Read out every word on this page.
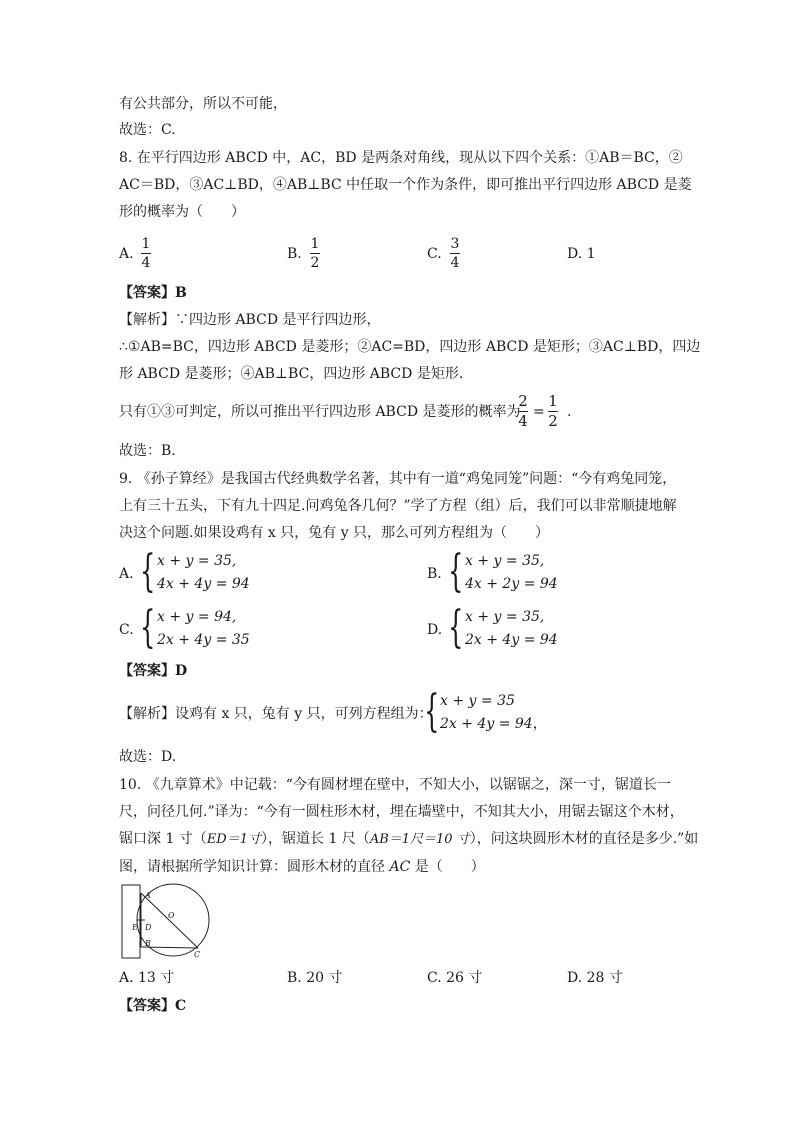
有公共部分，所以不可能，
故选：C.
8. 在平行四边形 ABCD 中，AC，BD 是两条对角线，现从以下四个关系：①AB＝BC，②
AC＝BD，③AC⊥BD，④AB⊥BC 中任取一个作为条件，即可推出平行四边形 ABCD 是菱
形的概率为（　　）
A.
1
4
B.
1
2
C.
3
4
D. 1
【答案】B
【解析】∵四边形 ABCD 是平行四边形，
∴①AB=BC，四边形 ABCD 是菱形；②AC=BD，四边形 ABCD 是矩形；③AC⊥BD，四边
形 ABCD 是菱形；④AB⊥BC，四边形 ABCD 是矩形.
只有①③可判定，所以可推出平行四边形 ABCD 是菱形的概率为
2
4 =
1
2 .
故选：B.
9. 《孙子算经》是我国古代经典数学名著，其中有一道“鸡兔同笼”问题：“今有鸡兔同笼，
上有三十五头，下有九十四足.问鸡兔各几何？”学了方程（组）后，我们可以非常顺捷地解
决这个问题.如果设鸡有 x 只，兔有 y 只，那么可列方程组为（　　）
A. { x + y = 35,
4x + 4y = 94
B. { x + y = 35,
4x + 2y = 94
C. { x + y = 94,
2x + 4y = 35
D. { x + y = 35,
2x + 4y = 94
【答案】D
【解析】设鸡有 x 只，兔有 y 只，可列方程组为：
{ x + y = 35
2x + 4y = 94，
故选：D.
10. 《九章算术》中记载：“今有圆材埋在壁中，不知大小，以锯锯之，深一寸，锯道长一
尺，问径几何.”译为：“今有一圆柱形木材，埋在墙壁中，不知其大小，用锯去锯这个木材，
锯口深 1 寸（ED＝1寸），锯道长 1 尺（AB＝1尺＝10 寸），问这块圆形木材的直径是多少.”如
图，请根据所学知识计算：圆形木材的直径 AC 是（　　）
A
O
E D
B
C
A. 13 寸	B. 20 寸	C. 26 寸	D. 28 寸
【答案】C
